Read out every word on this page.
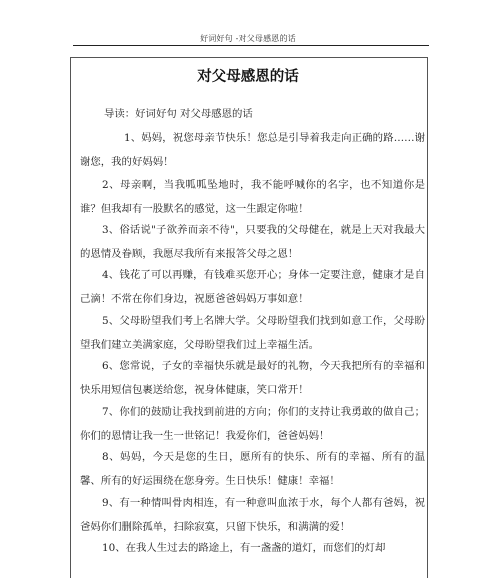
好词好句 -对父母感恩的话
对父母感恩的话
导读：好词好句 对父母感恩的话
1、妈妈，祝您母亲节快乐！您总是引导着我走向正确的路……谢谢您，我的好妈妈！
2、母亲啊，当我呱呱坠地时，我不能呼喊你的名字，也不知道你是谁？但我却有一股默名的感觉，这一生跟定你啦！
3、俗话说"子欲养而亲不待"，只要我的父母健在，就是上天对我最大的恩情及眷顾，我愿尽我所有来报答父母之恩！
4、钱花了可以再赚，有钱难买您开心；身体一定要注意，健康才是自己滴！不常在你们身边，祝愿爸爸妈妈万事如意！
5、父母盼望我们考上名牌大学。父母盼望我们找到如意工作，父母盼望我们建立美满家庭，父母盼望我们过上幸福生活。
6、您常说，子女的幸福快乐就是最好的礼物，今天我把所有的幸福和快乐用短信包裹送给您，祝身体健康，笑口常开！
7、你们的鼓励让我找到前进的方向；你们的支持让我勇敢的做自己；你们的恩情让我一生一世铭记！我爱你们，爸爸妈妈！
8、妈妈，今天是您的生日，愿所有的快乐、所有的幸福、所有的温馨、所有的好运围绕在您身旁。生日快乐！健康！幸福！
9、有一种情叫骨肉相连，有一种意叫血浓于水，每个人都有爸妈，祝爸妈你们删除孤单，扫除寂寞，只留下快乐，和满满的爱！
10、在我人生过去的路途上，有一盏盏的道灯，而您们的灯却
